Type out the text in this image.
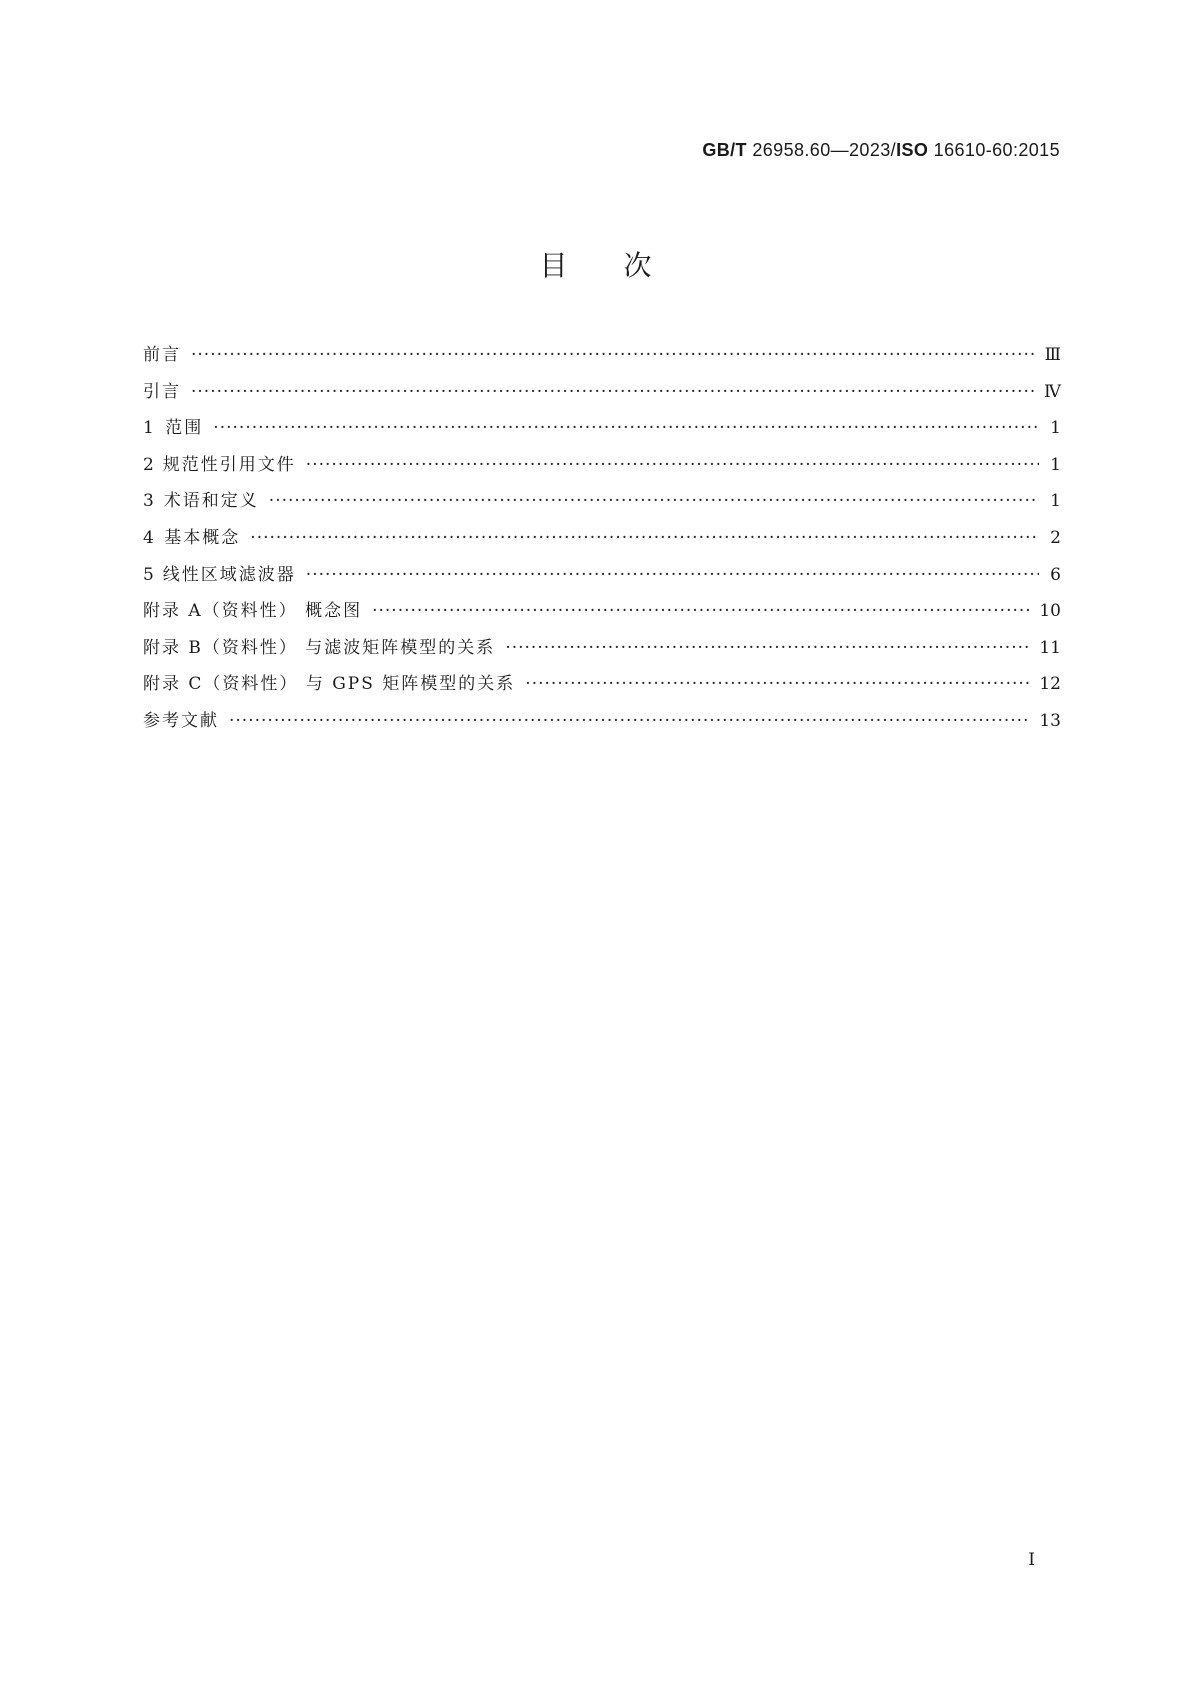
GB/T 26958.60—2023/ISO 16610-60:2015
目次
前言 ·····	Ⅲ
引言 ·····	Ⅳ
1 范围 ·····	1
2 规范性引用文件 ·····	1
3 术语和定义 ·····	1
4 基本概念 ·····	2
5 线性区域滤波器 ·····	6
附录 A（资料性） 概念图 ·····	10
附录 B（资料性） 与滤波矩阵模型的关系 ·····	11
附录 C（资料性） 与 GPS 矩阵模型的关系 ·····	12
参考文献 ·····	13
Ⅰ
